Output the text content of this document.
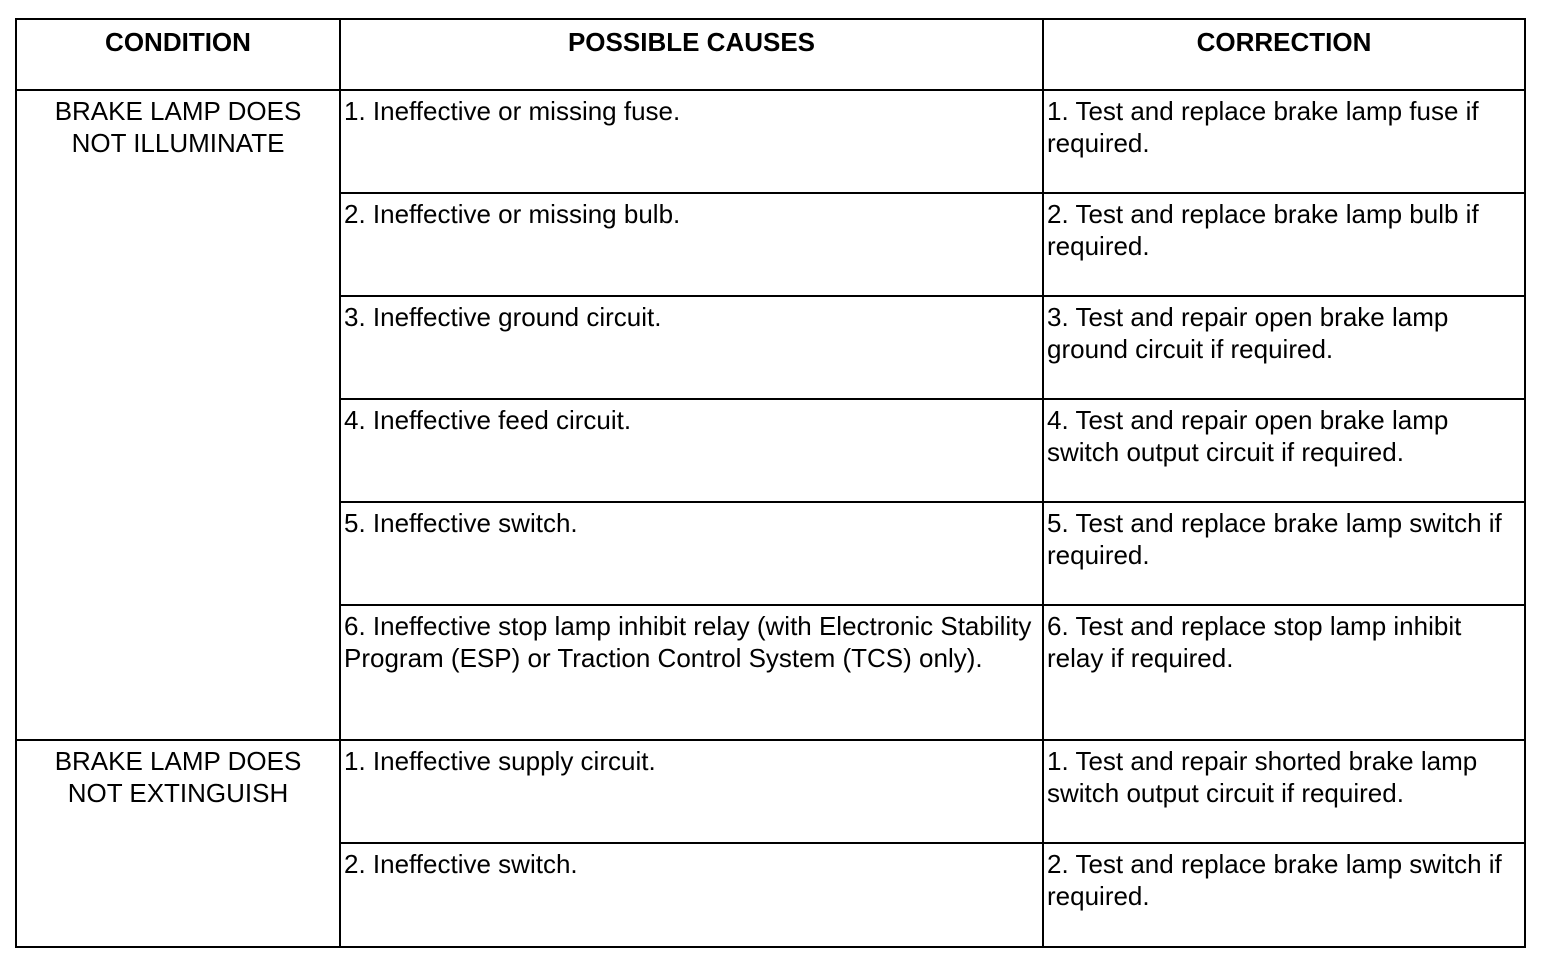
CONDITION	POSSIBLE CAUSES	CORRECTION

BRAKE LAMP DOES NOT ILLUMINATE	1. Ineffective or missing fuse.	1. Test and replace brake lamp fuse if required.
	2. Ineffective or missing bulb.	2. Test and replace brake lamp bulb if required.
	3. Ineffective ground circuit.	3. Test and repair open brake lamp ground circuit if required.
	4. Ineffective feed circuit.	4. Test and repair open brake lamp switch output circuit if required.
	5. Ineffective switch.	5. Test and replace brake lamp switch if required.
	6. Ineffective stop lamp inhibit relay (with Electronic Stability Program (ESP) or Traction Control System (TCS) only).	6. Test and replace stop lamp inhibit relay if required.
BRAKE LAMP DOES NOT EXTINGUISH	1. Ineffective supply circuit.	1. Test and repair shorted brake lamp switch output circuit if required.
	2. Ineffective switch.	2. Test and replace brake lamp switch if required.
